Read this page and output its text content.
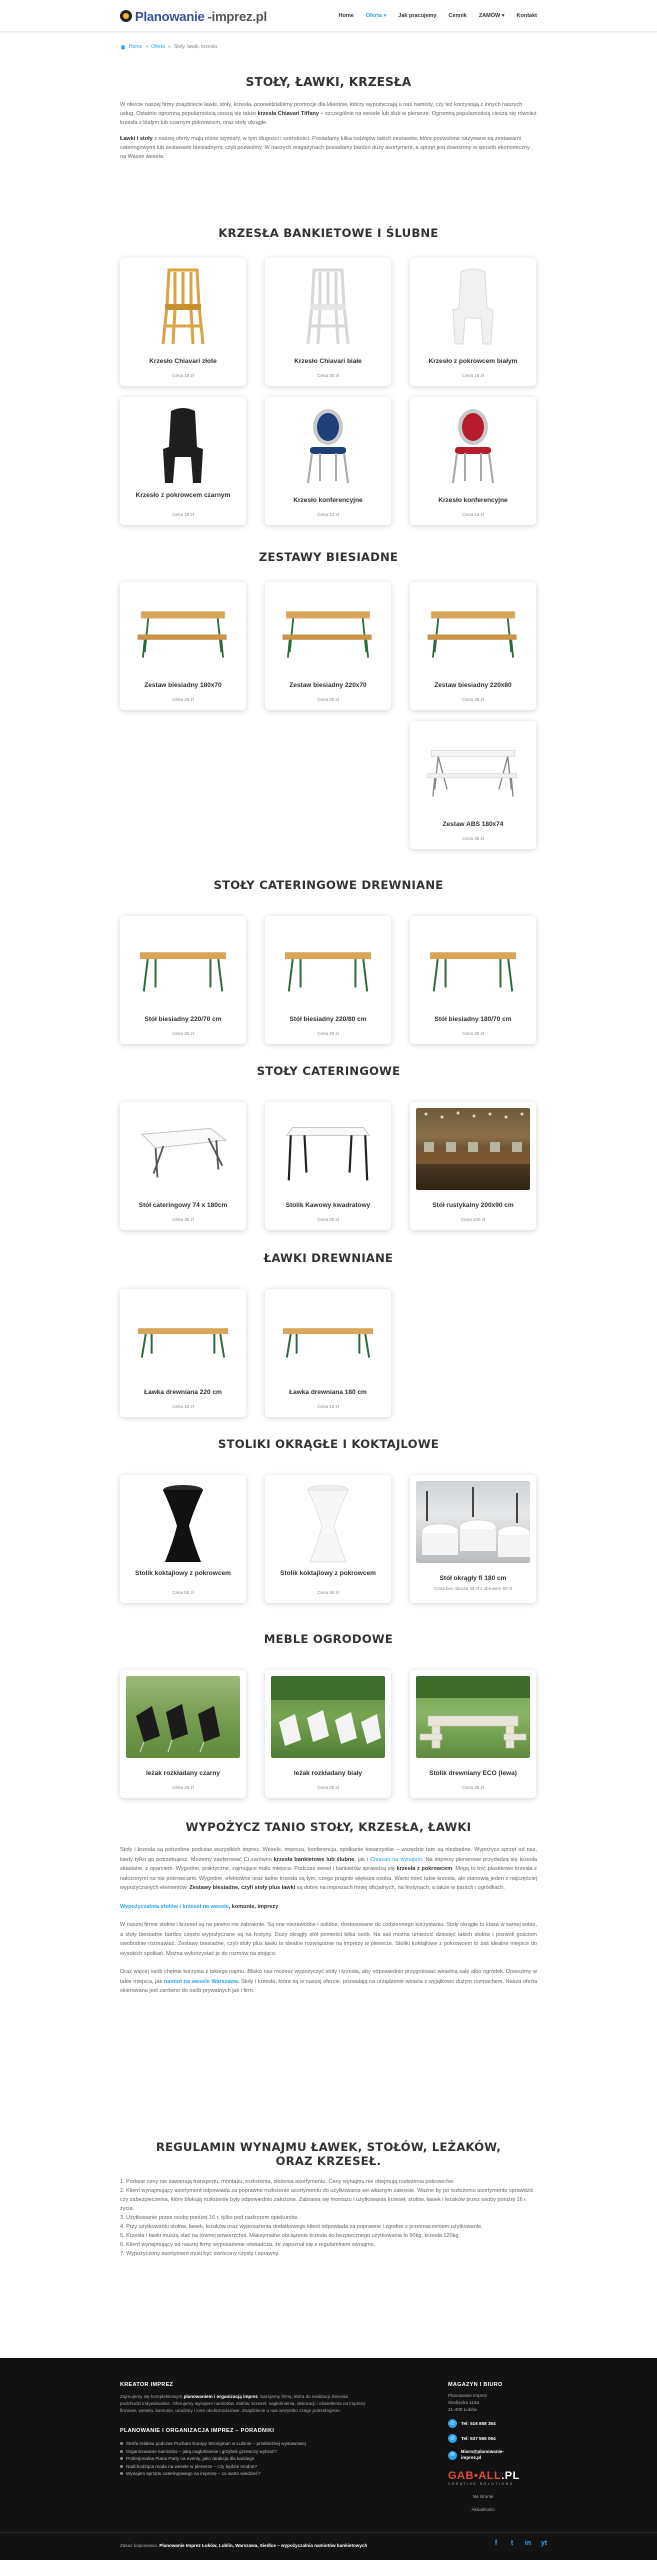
Planowanie -imprez.pl	Home Oferta ▾ Jak pracujemy Cennik ZAMÓW ▾ Kontakt
Home » Oferta » Stoły, ławki, krzesła
STOŁY, ŁAWKI, KRZESŁA

W ofercie naszej firmy znajdziecie ławki, stoły, krzesła, przewidzieliśmy promocje dla klientów, którzy wypożyczają u nas namioty, czy też korzystają z innych naszych usług. Ostatnio ogromną popularnością cieszą się także krzesła Chiavari Tiffany – szczególnie na wesele lub ślub w plenerze. Ogromną popularnością cieszą się również krzesła z białym lub czarnym pokrowcem, oraz stoły okrągłe.

Ławki i stoły z naszej oferty mają różne wymiary, w tym długości i szerokości. Posiadamy kilka rodzajów takich zestawów, które pozwolone nazywane są zestawami cateringowymi lub zestawami biesiadnymi, czyli pozwolmy. W naszych magazynach posiadamy bardzo duży asortyment, a sprzęt jest dowożony w sposób ekonomiczny na Wasze wesela.

KRZESŁA BANKIETOWE I ŚLUBNE
Krzesło Chiavari złote
Cena 15 zł
Krzesło Chiavari białe
Cena 30 zł
Krzesło z pokrowcem białym
Cena 15 zł
Krzesło z pokrowcem czarnym
Cena 15 zł
Krzesło konferencyjne
Cena 10 zł
Krzesło konferencyjne
Cena 10 zł
ZESTAWY BIESIADNE
Zestaw biesiadny 180x70
Cena 25 zł
Zestaw biesiadny 220x70
Cena 30 zł
Zestaw biesiadny 220x80
Cena 35 zł
Zestaw ABS 180x74
Cena 45 zł
STOŁY CATERINGOWE DREWNIANE
Stół biesiadny 220/70 cm
Cena 30 zł
Stół biesiadny 220/80 cm
Cena 40 zł
Stół biesiadny 180/70 cm
Cena 25 zł
STOŁY CATERINGOWE
Stół cateringowy 74 x 180cm
Cena 35 zł
Stolik Kawowy kwadratowy
Cena 30 zł
Stół rustykalny 200x90 cm
Cena 100 zł
ŁAWKI DREWNIANE
Ławka drewniana 220 cm
Cena 15 zł
Ławka drewniana 180 cm
Cena 15 zł
STOLIKI OKRĄGŁE I KOKTAJLOWE
Stolik koktajlowy z pokrowcem
Cena 55 zł
Stolik koktajlowy z pokrowcem
Cena 55 zł
Stół okrągły fi 180 cm
Cena bez obrusa 45 zł z obrusem 90 zł
MEBLE OGRODOWE
leżak rozkładany czarny
Cena 25 zł
leżak rozkładany biały
Cena 25 zł
Stolik drewniany ECO (lewa)
Cena 45 zł
WYPOŻYCZ TANIO STOŁY, KRZESŁA, ŁAWKI

Stoły i krzesła są potrzebne podczas wszystkich imprez. Wesele, impreza, konferencja, spotkanie towarzyskie – wszędzie tam są niezbędne. Wypożycz sprzęt od nas, kiedy tylko go potrzebujesz. Możemy zaoferować Ci zarówno krzesła bankietowe lub ślubne, jak i Chiavari na wynajem. Na imprezy plenerowe przydadzą się krzesła składane, z oparciem. Wygodne, praktyczne, zajmujące mało miejsca. Podczas wesel i bankietów sprawdzą się krzesła z pokrowcem. Mogą to być plastikowe krzesła z nałożonymi na nie pokrowcami. Wygodne, efektowne oraz ładne krzesła są tym, czego pragnie większa osoba. Warto mieć takie krzesła, ale stanowią jeden z najczęściej wypożyczanych elementów. Zestawy biesiadne, czyli stoły plus ławki są dobre na imprezach mniej oficjalnych, na festynach, a także w barach i ogródkach.

Wypożyczalnia stołów i krzeseł na wesele, komunie, imprezy

W naszej firmie stołów i krzeseł są na pewno nie zabraknie. Są one niezawodne i solidne, dostosowane do codziennego korzystania. Stoły okrągłe to klasa w samej sobie, a stoły biesiadne bardzo często wypożyczane są na festyny. Duży okrągły stół pomieści kilka osób. Na sali można umieścić dziesięć takich stołów i pozwoli gościom swobodnie rozmawiać. Zestawy biesiadne, czyli stoły plus ławki to idealne rozwiązanie na imprezy w plenerze. Stoliki koktajlowe z pokrowcem to zaś idealne miejsce do wysokich spotkań. Można wykorzystać je do rozmów na stojąco.

Oraz więcej osób chętnie korzysta z takiego najmu. Blisko nas możesz wypożyczyć stoły i krzesła, aby odpowiednio przygotować weselną salę albo ogródek. Dowozimy w takie miejsca, jak namiot na wesele Warszawa. Stoły i krzesła, które są w naszej ofercie, pozwalają na urządzenie wesela z wyjątkowo dużym rozmachem. Nasza oferta skierowana jest zarówno do osób prywatnych jak i firm.

REGULAMIN WYNAJMU ŁAWEK, STOŁÓW, LEŻAKÓW, ORAZ KRZESEŁ.

1. Podane ceny nie zawierają transportu, montażu, rozłożenia, złożenia asortymentu. Ceny wynajmu nie obejmują rozłożenia pokrowców.

2. Klient wynajmujący asortyment odpowiada za poprawne rozłożenie asortymentu do użytkowania we własnym zakresie. Ważne by po rozłożeniu asortymentu sprawdzić czy zabezpieczenia, które blokują rozłożenie były odpowiednio założone. Zabrania się montażu i użytkowania krzeseł, stołów, ławek i leżaków przez osoby poniżej 16 r. życia.

3. Użytkowanie przez osoby poniżej 16 r. tylko pod nadzorem opiekunów.

4. Przy użytkowaniu stołów, ławek, leżaków oraz wyposażenia dodatkowego klient odpowiada za poprawne i zgodne z przeznaczeniem użytkowanie.

5. Krzesła i ławki muszą stać na równej powierzchni. Maksymalne obciążenie krzesła do bezpiecznego użytkowania to 90kg, krzesła 120kg.

6. Klient wynajmujący od naszej firmy wyposażenie oświadcza, że zapoznał się z regulaminem wynajmu.

7. Wypożyczony asortyment musi być zwrócony czysty i sprawny.

KREATOR IMPREZ

Zajmujemy się kompleksowym planowaniem i organizacją imprez, bazujemy firmę, która do realizacji zlecenia podchodzi indywidualnie. Oferujemy wynajem namiotów, stołów, krzeseł, nagłośnienia, dekoracji i oświetlenia na imprezy firmowe, wesela, komunie, urodziny i inne okolicznościowe. Znajdziecie u nas wszystko czego potrzebujecie.

PLANOWANIE I ORGANIZACJA IMPREZ – PORADNIKI
Strefa relaksu podczas Pucharu Europy Strongman w Lubinie – przebieżnej wystawowej
Organizowanie namiotów – jaką nagłośnienie i grzybek grzewczy wybrać?
Profesjonalna Piana Party na eventy, jako atrakcja dla każdego
Nadchodząca moda na wesele w plenerze – czy będzie modne?
Wynajem sprzętu cateringowego na imprezę – co warto wiedzieć?
MAGAZYN I BIURO
Planowanie Imprez
Siedlęcka 118a
21-400 Łuków
✆	Tel: 516 858 354
✆	Tel: 537 565 094
✉
Biuro@planowanie-imprez.pl
GAB•ALL.PL
CREATIVE SOLUTIONS
Na stronie
Aktualności
Zakaz kopiowania. Planowanie Imprez Łuków, Lublin, Warszawa, Siedlce – wypożyczalnia namiotów bankietowych	f	t	in yt
